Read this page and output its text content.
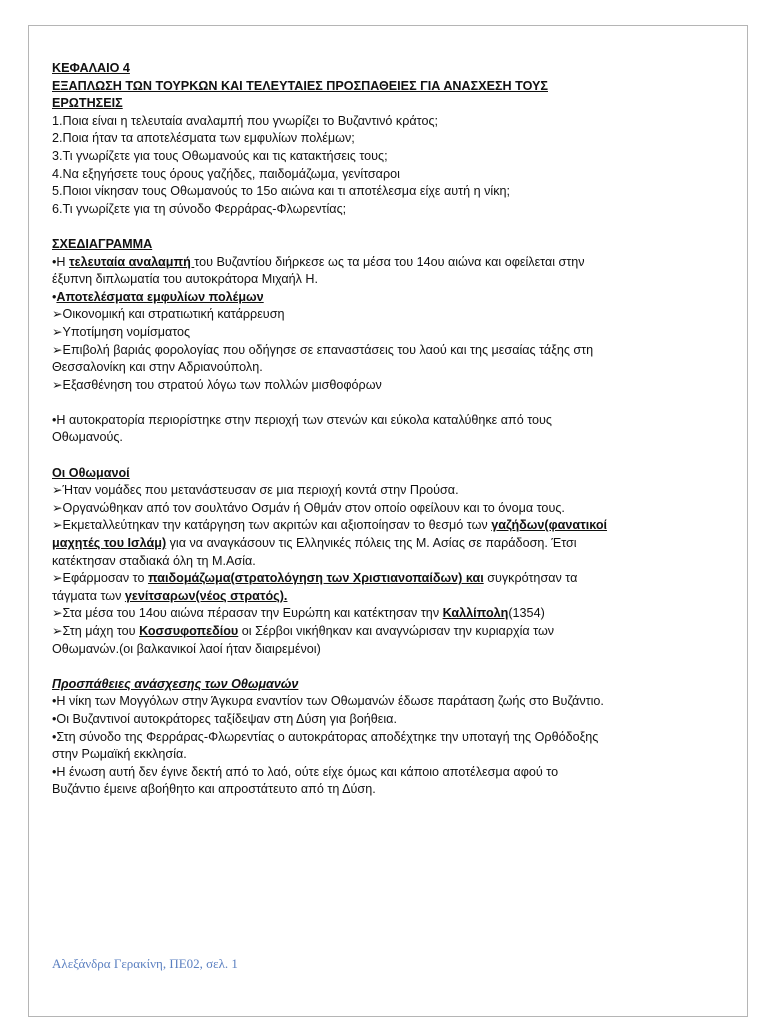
ΚΕΦΑΛΑΙΟ 4
ΕΞΑΠΛΩΣΗ ΤΩΝ ΤΟΥΡΚΩΝ ΚΑΙ ΤΕΛΕΥΤΑΙΕΣ ΠΡΟΣΠΑΘΕΙΕΣ ΓΙΑ ΑΝΑΣΧΕΣΗ ΤΟΥΣ
ΕΡΩΤΗΣΕΙΣ
1.Ποια είναι η τελευταία αναλαμπή που γνωρίζει το Βυζαντινό κράτος;
2.Ποια ήταν τα αποτελέσματα των εμφυλίων πολέμων;
3.Τι γνωρίζετε για τους Οθωμανούς και τις κατακτήσεις τους;
4.Να εξηγήσετε τους όρους γαζήδες, παιδομάζωμα, γενίτσαροι
5.Ποιοι νίκησαν τους Οθωμανούς το 15ο αιώνα και τι αποτέλεσμα είχε αυτή η νίκη;
6.Τι γνωρίζετε για τη σύνοδο Φερράρας-Φλωρεντίας;
ΣΧΕΔΙΑΓΡΑΜΜΑ
•Η τελευταία αναλαμπή του Βυζαντίου διήρκεσε ως τα μέσα του 14ου αιώνα και οφείλεται στην
έξυπνη διπλωματία του αυτοκράτορα Μιχαήλ Η.
•Αποτελέσματα εμφυλίων πολέμων
➢Οικονομική και στρατιωτική κατάρρευση
➢Υποτίμηση νομίσματος
➢Επιβολή βαριάς φορολογίας που οδήγησε σε επαναστάσεις του λαού και της μεσαίας τάξης στη
Θεσσαλονίκη και στην Αδριανούπολη.
➢Εξασθένηση του στρατού λόγω των πολλών μισθοφόρων
•Η αυτοκρατορία περιορίστηκε στην περιοχή των στενών και εύκολα καταλύθηκε από τους
Οθωμανούς.
Οι Οθωμανοί
➢Ήταν νομάδες που μετανάστευσαν σε μια περιοχή κοντά στην Προύσα.
➢Οργανώθηκαν από τον σουλτάνο Οσμάν ή Οθμάν στον οποίο οφείλουν και το όνομα τους.
➢Εκμεταλλεύτηκαν την κατάργηση των ακριτών και αξιοποίησαν το θεσμό των γαζήδων(φανατικοί
μαχητές του Ισλάμ) για να αναγκάσουν τις Ελληνικές πόλεις της Μ. Ασίας σε παράδοση. Έτσι
κατέκτησαν σταδιακά όλη τη Μ.Ασία.
➢Εφάρμοσαν το παιδομάζωμα(στρατολόγηση των Χριστιανοπαίδων) και συγκρότησαν τα
τάγματα των γενίτσαρων(νέος στρατός).
➢Στα μέσα του 14ου αιώνα πέρασαν την Ευρώπη και κατέκτησαν την Καλλίπολη(1354)
➢Στη μάχη του Κοσσυφοπεδίου οι Σέρβοι νικήθηκαν και αναγνώρισαν την κυριαρχία των
Οθωμανών.(οι βαλκανικοί λαοί ήταν διαιρεμένοι)
Προσπάθειες ανάσχεσης των Οθωμανών
•Η νίκη των Μογγόλων στην Άγκυρα εναντίον των Οθωμανών έδωσε παράταση ζωής στο Βυζάντιο.
•Οι Βυζαντινοί αυτοκράτορες ταξίδεψαν στη Δύση για βοήθεια.
•Στη σύνοδο της Φερράρας-Φλωρεντίας ο αυτοκράτορας αποδέχτηκε την υποταγή της Ορθόδοξης
στην Ρωμαϊκή εκκλησία.
•Η ένωση αυτή δεν έγινε δεκτή από το λαό, ούτε είχε όμως και κάποιο αποτέλεσμα αφού το
Βυζάντιο έμεινε αβοήθητο και απροστάτευτο από τη Δύση.
Αλεξάνδρα Γερακίνη, ΠΕ02, σελ. 1
